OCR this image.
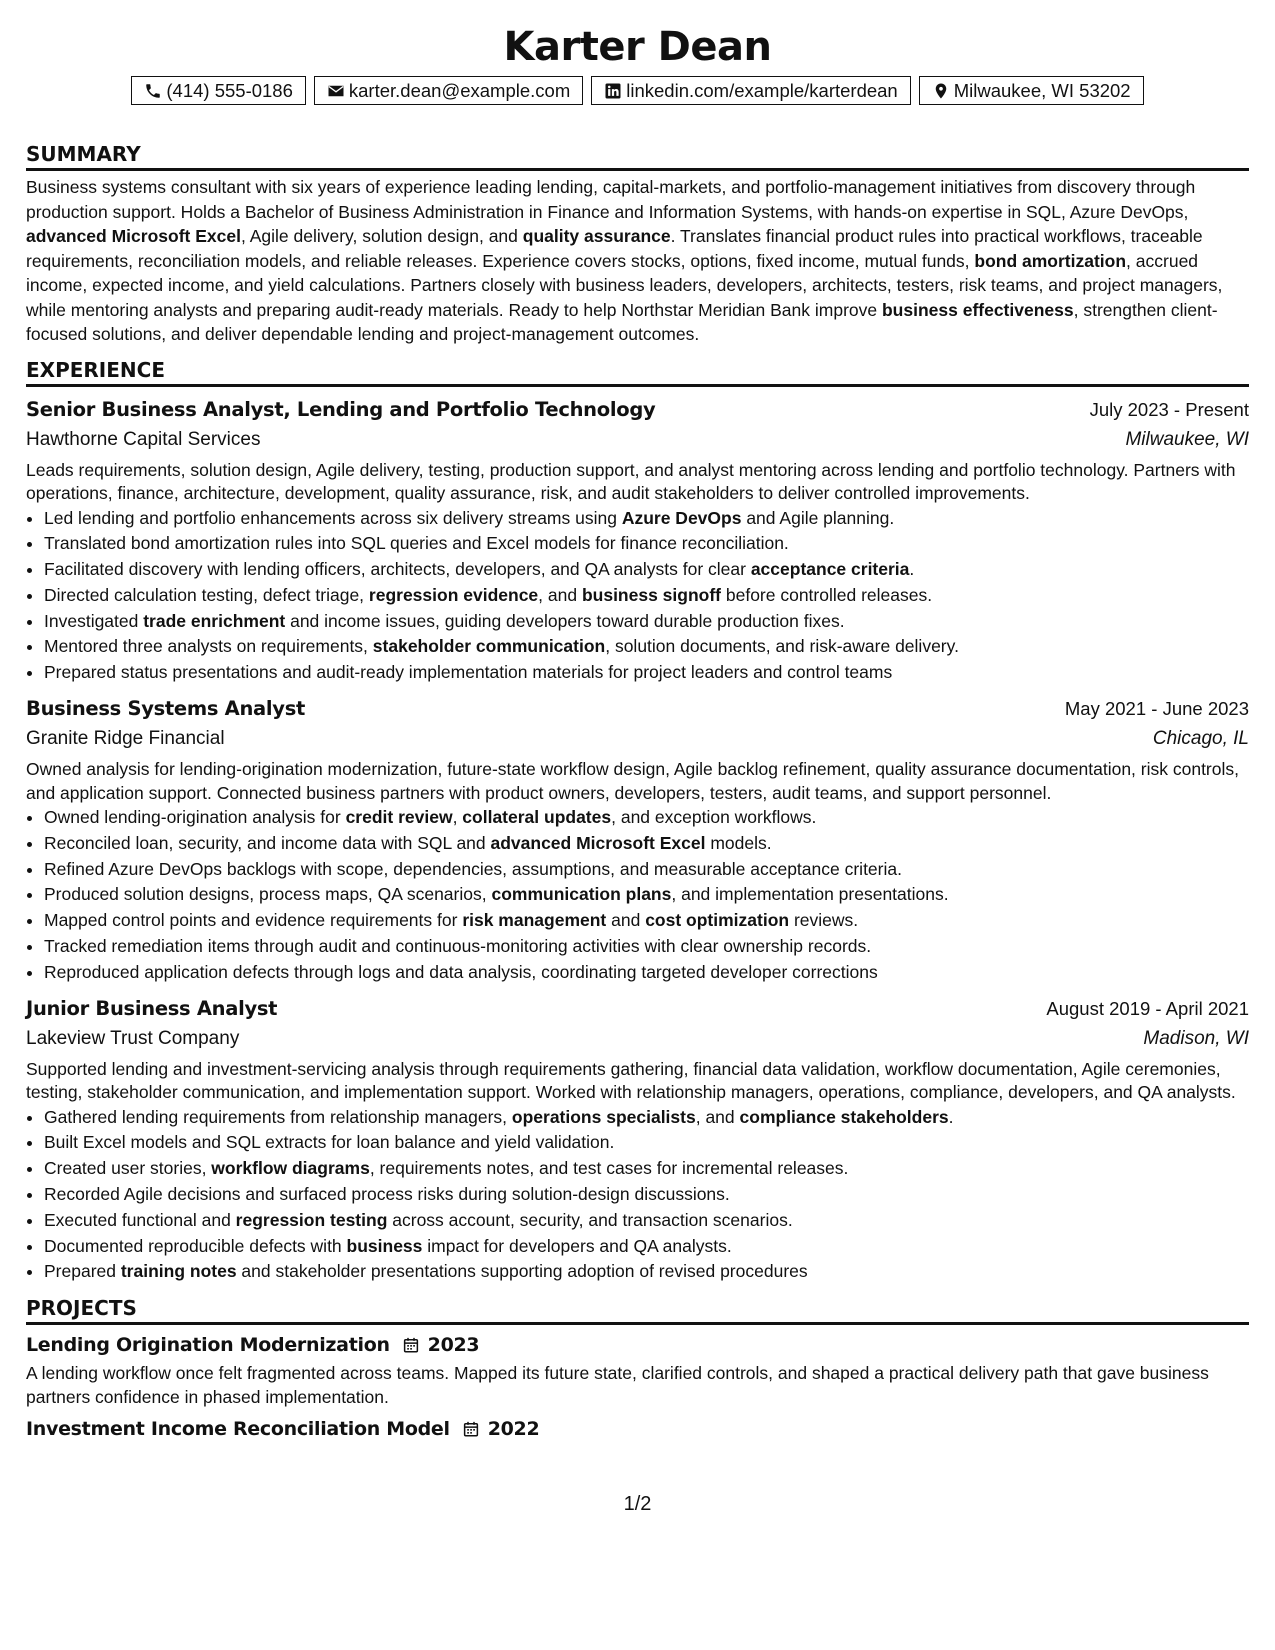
Karter Dean
(414) 555-0186	karter.dean@example.com	linkedin.com/example/karterdean	Milwaukee, WI 53202
SUMMARY

Business systems consultant with six years of experience leading lending, capital-markets, and portfolio-management initiatives from discovery through production support. Holds a Bachelor of Business Administration in Finance and Information Systems, with hands-on expertise in SQL, Azure DevOps, advanced Microsoft Excel, Agile delivery, solution design, and quality assurance. Translates financial product rules into practical workflows, traceable requirements, reconciliation models, and reliable releases. Experience covers stocks, options, fixed income, mutual funds, bond amortization, accrued income, expected income, and yield calculations. Partners closely with business leaders, developers, architects, testers, risk teams, and project managers, while mentoring analysts and preparing audit-ready materials. Ready to help Northstar Meridian Bank improve business effectiveness, strengthen client-focused solutions, and deliver dependable lending and project-management outcomes.

EXPERIENCE
Senior Business Analyst, Lending and Portfolio Technology	July 2023 - Present
Hawthorne Capital Services	Milwaukee, WI

Leads requirements, solution design, Agile delivery, testing, production support, and analyst mentoring across lending and portfolio technology. Partners with operations, finance, architecture, development, quality assurance, risk, and audit stakeholders to deliver controlled improvements.

• Led lending and portfolio enhancements across six delivery streams using Azure DevOps and Agile planning.
• Translated bond amortization rules into SQL queries and Excel models for finance reconciliation.
• Facilitated discovery with lending officers, architects, developers, and QA analysts for clear acceptance criteria.
• Directed calculation testing, defect triage, regression evidence, and business signoff before controlled releases.
• Investigated trade enrichment and income issues, guiding developers toward durable production fixes.
• Mentored three analysts on requirements, stakeholder communication, solution documents, and risk-aware delivery.
• Prepared status presentations and audit-ready implementation materials for project leaders and control teams
Business Systems Analyst	May 2021 - June 2023
Granite Ridge Financial	Chicago, IL

Owned analysis for lending-origination modernization, future-state workflow design, Agile backlog refinement, quality assurance documentation, risk controls, and application support. Connected business partners with product owners, developers, testers, audit teams, and support personnel.

• Owned lending-origination analysis for credit review, collateral updates, and exception workflows.
• Reconciled loan, security, and income data with SQL and advanced Microsoft Excel models.
• Refined Azure DevOps backlogs with scope, dependencies, assumptions, and measurable acceptance criteria.
• Produced solution designs, process maps, QA scenarios, communication plans, and implementation presentations.
• Mapped control points and evidence requirements for risk management and cost optimization reviews.
• Tracked remediation items through audit and continuous-monitoring activities with clear ownership records.
• Reproduced application defects through logs and data analysis, coordinating targeted developer corrections
Junior Business Analyst	August 2019 - April 2021
Lakeview Trust Company	Madison, WI

Supported lending and investment-servicing analysis through requirements gathering, financial data validation, workflow documentation, Agile ceremonies, testing, stakeholder communication, and implementation support. Worked with relationship managers, operations, compliance, developers, and QA analysts.

• Gathered lending requirements from relationship managers, operations specialists, and compliance stakeholders.
• Built Excel models and SQL extracts for loan balance and yield validation.
• Created user stories, workflow diagrams, requirements notes, and test cases for incremental releases.
• Recorded Agile decisions and surfaced process risks during solution-design discussions.
• Executed functional and regression testing across account, security, and transaction scenarios.
• Documented reproducible defects with business impact for developers and QA analysts.
• Prepared training notes and stakeholder presentations supporting adoption of revised procedures
PROJECTS
Lending Origination Modernization 2023

A lending workflow once felt fragmented across teams. Mapped its future state, clarified controls, and shaped a practical delivery path that gave business partners confidence in phased implementation.

Investment Income Reconciliation Model 2022
1/2
